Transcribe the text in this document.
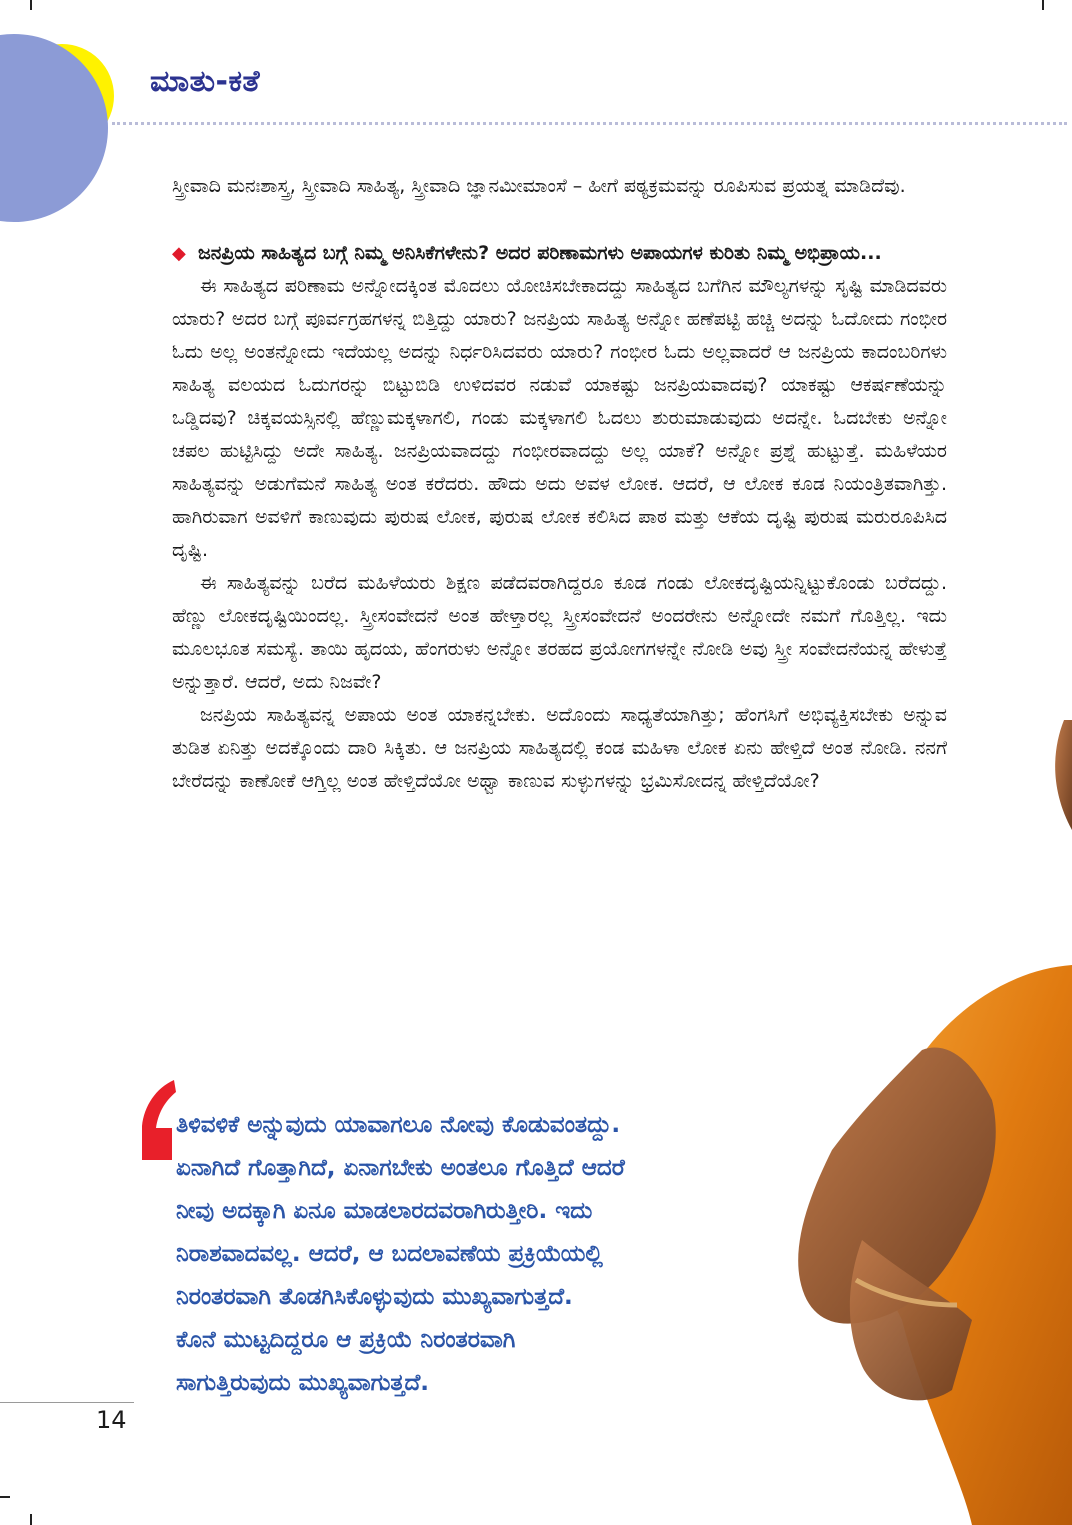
ಮಾತು-ಕತೆ

ಸ್ತ್ರೀವಾದಿ ಮನಃಶಾಸ್ತ್ರ, ಸ್ತ್ರೀವಾದಿ ಸಾಹಿತ್ಯ, ಸ್ತ್ರೀವಾದಿ ಜ್ಞಾನಮೀಮಾಂಸೆ – ಹೀಗೆ ಪಠ್ಯಕ್ರಮವನ್ನು ರೂಪಿಸುವ ಪ್ರಯತ್ನ ಮಾಡಿದೆವು.

◆ ಜನಪ್ರಿಯ ಸಾಹಿತ್ಯದ ಬಗ್ಗೆ ನಿಮ್ಮ ಅನಿಸಿಕೆಗಳೇನು? ಅದರ ಪರಿಣಾಮಗಳು ಅಪಾಯಗಳ ಕುರಿತು ನಿಮ್ಮ ಅಭಿಪ್ರಾಯ...

ಈ ಸಾಹಿತ್ಯದ ಪರಿಣಾಮ ಅನ್ನೋದಕ್ಕಿಂತ ಮೊದಲು ಯೋಚಿಸಬೇಕಾದದ್ದು ಸಾಹಿತ್ಯದ ಬಗೆಗಿನ ಮೌಲ್ಯಗಳನ್ನು ಸೃಷ್ಟಿ ಮಾಡಿದವರು ಯಾರು? ಅದರ ಬಗ್ಗೆ ಪೂರ್ವಗ್ರಹಗಳನ್ನ ಬಿತ್ತಿದ್ದು ಯಾರು? ಜನಪ್ರಿಯ ಸಾಹಿತ್ಯ ಅನ್ನೋ ಹಣೆಪಟ್ಟಿ ಹಚ್ಚಿ ಅದನ್ನು ಓದೋದು ಗಂಭೀರ ಓದು ಅಲ್ಲ ಅಂತನ್ನೋದು ಇದೆಯಲ್ಲ ಅದನ್ನು ನಿರ್ಧರಿಸಿದವರು ಯಾರು? ಗಂಭೀರ ಓದು ಅಲ್ಲವಾದರೆ ಆ ಜನಪ್ರಿಯ ಕಾದಂಬರಿಗಳು ಸಾಹಿತ್ಯ ವಲಯದ ಓದುಗರನ್ನು ಬಿಟ್ಟುಬಿಡಿ ಉಳಿದವರ ನಡುವೆ ಯಾಕಷ್ಟು ಜನಪ್ರಿಯವಾದವು? ಯಾಕಷ್ಟು ಆಕರ್ಷಣೆಯನ್ನು ಒಡ್ಡಿದವು? ಚಿಕ್ಕವಯಸ್ಸಿನಲ್ಲಿ ಹೆಣ್ಣುಮಕ್ಕಳಾಗಲಿ, ಗಂಡು ಮಕ್ಕಳಾಗಲಿ ಓದಲು ಶುರುಮಾಡುವುದು ಅದನ್ನೇ. ಓದಬೇಕು ಅನ್ನೋ ಚಪಲ ಹುಟ್ಟಿಸಿದ್ದು ಅದೇ ಸಾಹಿತ್ಯ. ಜನಪ್ರಿಯವಾದದ್ದು ಗಂಭೀರವಾದದ್ದು ಅಲ್ಲ ಯಾಕೆ? ಅನ್ನೋ ಪ್ರಶ್ನೆ ಹುಟ್ಟುತ್ತೆ. ಮಹಿಳೆಯರ ಸಾಹಿತ್ಯವನ್ನು ಅಡುಗೆಮನೆ ಸಾಹಿತ್ಯ ಅಂತ ಕರೆದರು. ಹೌದು ಅದು ಅವಳ ಲೋಕ. ಆದರೆ, ಆ ಲೋಕ ಕೂಡ ನಿಯಂತ್ರಿತವಾಗಿತ್ತು. ಹಾಗಿರುವಾಗ ಅವಳಿಗೆ ಕಾಣುವುದು ಪುರುಷ ಲೋಕ, ಪುರುಷ ಲೋಕ ಕಲಿಸಿದ ಪಾಠ ಮತ್ತು ಆಕೆಯ ದೃಷ್ಟಿ ಪುರುಷ ಮರುರೂಪಿಸಿದ ದೃಷ್ಟಿ.

ಈ ಸಾಹಿತ್ಯವನ್ನು ಬರೆದ ಮಹಿಳೆಯರು ಶಿಕ್ಷಣ ಪಡೆದವರಾಗಿದ್ದರೂ ಕೂಡ ಗಂಡು ಲೋಕದೃಷ್ಟಿಯನ್ನಿಟ್ಟುಕೊಂಡು ಬರೆದದ್ದು. ಹೆಣ್ಣು ಲೋಕದೃಷ್ಟಿಯಿಂದಲ್ಲ. ಸ್ತ್ರೀಸಂವೇದನೆ ಅಂತ ಹೇಳ್ತಾರಲ್ಲ ಸ್ತ್ರೀಸಂವೇದನೆ ಅಂದರೇನು ಅನ್ನೋದೇ ನಮಗೆ ಗೊತ್ತಿಲ್ಲ. ಇದು ಮೂಲಭೂತ ಸಮಸ್ಯೆ. ತಾಯಿ ಹೃದಯ, ಹೆಂಗರುಳು ಅನ್ನೋ ತರಹದ ಪ್ರಯೋಗಗಳನ್ನೇ ನೋಡಿ ಅವು ಸ್ತ್ರೀ ಸಂವೇದನೆಯನ್ನ ಹೇಳುತ್ತೆ ಅನ್ನುತ್ತಾರೆ. ಆದರೆ, ಅದು ನಿಜವೇ?

ಜನಪ್ರಿಯ ಸಾಹಿತ್ಯವನ್ನ ಅಪಾಯ ಅಂತ ಯಾಕನ್ನಬೇಕು. ಅದೊಂದು ಸಾಧ್ಯತೆಯಾಗಿತ್ತು; ಹೆಂಗಸಿಗೆ ಅಭಿವ್ಯಕ್ತಿಸಬೇಕು ಅನ್ನುವ ತುಡಿತ ಏನಿತ್ತು ಅದಕ್ಕೊಂದು ದಾರಿ ಸಿಕ್ಕಿತು. ಆ ಜನಪ್ರಿಯ ಸಾಹಿತ್ಯದಲ್ಲಿ ಕಂಡ ಮಹಿಳಾ ಲೋಕ ಏನು ಹೇಳ್ತಿದೆ ಅಂತ ನೋಡಿ. ನನಗೆ ಬೇರೆದನ್ನು ಕಾಣೋಕೆ ಆಗ್ತಿಲ್ಲ ಅಂತ ಹೇಳ್ತಿದೆಯೋ ಅಥ್ವಾ ಕಾಣುವ ಸುಳ್ಳುಗಳನ್ನು ಭ್ರಮಿಸೋದನ್ನ ಹೇಳ್ತಿದೆಯೋ?

ತಿಳಿವಳಿಕೆ ಅನ್ನುವುದು ಯಾವಾಗಲೂ ನೋವು ಕೊಡುವಂತದ್ದು.
ಏನಾಗಿದೆ ಗೊತ್ತಾಗಿದೆ, ಏನಾಗಬೇಕು ಅಂತಲೂ ಗೊತ್ತಿದೆ ಆದರೆ
ನೀವು ಅದಕ್ಕಾಗಿ ಏನೂ ಮಾಡಲಾರದವರಾಗಿರುತ್ತೀರಿ. ಇದು
ನಿರಾಶವಾದವಲ್ಲ. ಆದರೆ, ಆ ಬದಲಾವಣೆಯ ಪ್ರಕ್ರಿಯೆಯಲ್ಲಿ
ನಿರಂತರವಾಗಿ ತೊಡಗಿಸಿಕೊಳ್ಳುವುದು ಮುಖ್ಯವಾಗುತ್ತದೆ.
ಕೊನೆ ಮುಟ್ಟದಿದ್ದರೂ ಆ ಪ್ರಕ್ರಿಯೆ ನಿರಂತರವಾಗಿ
ಸಾಗುತ್ತಿರುವುದು ಮುಖ್ಯವಾಗುತ್ತದೆ.
14
